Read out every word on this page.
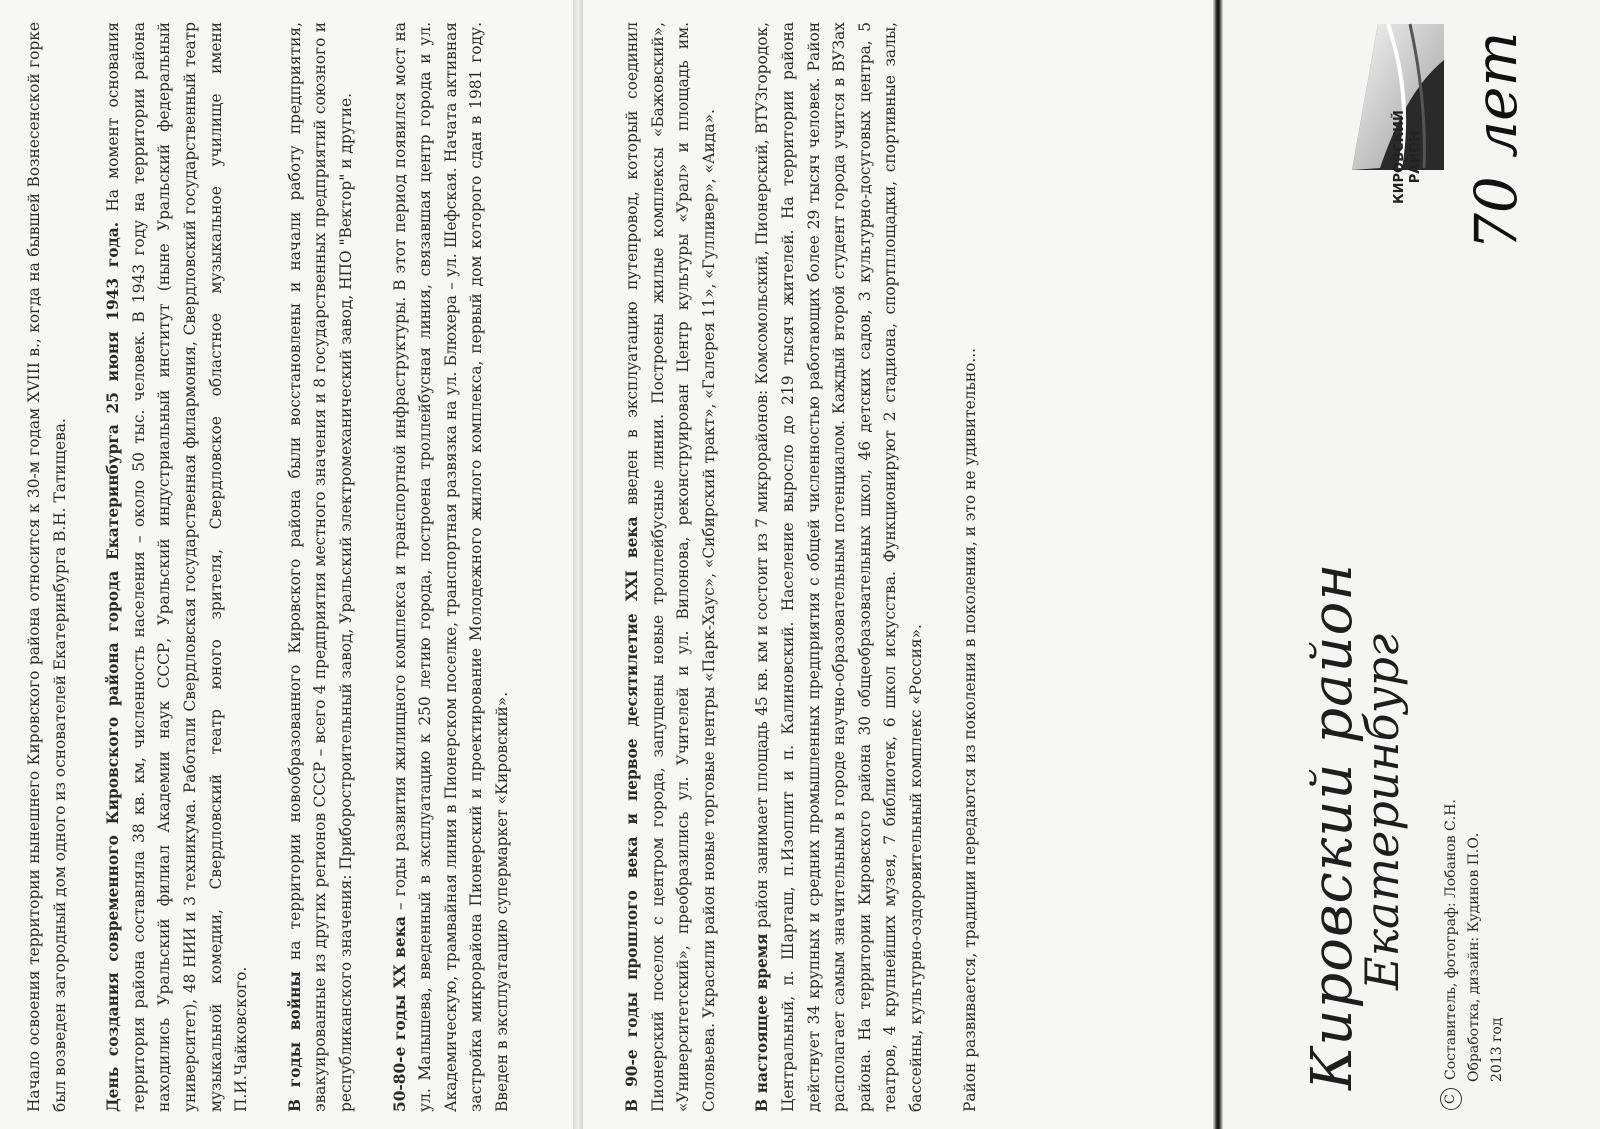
Начало освоения территории нынешнего Кировского района относится к 30-м годам XVIII в., когда на бывшей Вознесенской горке был возведен загородный дом одного из основателей Екатеринбурга В.Н. Татищева. День создания современного Кировского района города Екатеринбурга 25 июня 1943 года. На момент основания территория района составляла 38 кв. км, численность населения – около 50 тыс. человек. В 1943 году на территории района находились Уральский филиал Академии наук СССР, Уральский индустриальный институт (ныне Уральский федеральный университет), 48 НИИ и 3 техникума. Работали Свердловская государственная филармония, Свердловский государственный театр музыкальной комедии, Свердловский театр юного зрителя, Свердловское областное музыкальное училище имени П.И.Чайковского. В годы войны на территории новообразованного Кировского района были восстановлены и начали работу предприятия, эвакуированные из других регионов СССР – всего 4 предприятия местного значения и 8 государственных предприятий союзного и республиканского значения: Приборостроительный завод, Уральский электромеханический завод, НПО "Вектор" и другие. 50-80-е годы XX века – годы развития жилищного комплекса и транспортной инфраструктуры. В этот период появился мост на ул. Малышева, введенный в эксплуатацию к 250 летию города, построена троллейбусная линия, связавшая центр города и ул. Академическую, трамвайная линия в Пионерском поселке, транспортная развязка на ул. Блюхера – ул. Шефская. Начата активная застройка микрорайона Пионерский и проектирование Молодежного жилого комплекса, первый дом которого сдан в 1981 году. Введен в эксплуатацию супермаркет «Кировский».	В 90-е годы прошлого века и первое десятилетие XXI века введен в эксплуатацию путепровод, который соединил Пионерский поселок с центром города, запущены новые троллейбусные линии. Построены жилые комплексы «Бажовский», «Университетский», преобразились ул. Учителей и ул. Вилонова, реконструирован Центр культуры «Урал» и площадь им. Соловьева. Украсили район новые торговые центры «Парк-Хаус», «Сибирский тракт», «Галерея 11», «Гулливер», «Аида». В настоящее время район занимает площадь 45 кв. км и состоит из 7 микрорайонов: Комсомольский, Пионерский, ВТУЗгородок, Центральный, п. Шарташ, п.Изоплит и п. Калиновский. Население выросло до 219 тысяч жителей. На территории района действует 34 крупных и средних промышленных предприятия с общей численностью работающих более 29 тысяч человек. Район располагает самым значительным в городе научно-образовательным потенциалом. Каждый второй студент города учится в ВУЗах района. На территории Кировского района 30 общеобразовательных школ, 46 детских садов, 3 культурно-досуговых центра, 5 театров, 4 крупнейших музея, 7 библиотек, 6 школ искусства. Функционируют 2 стадиона, спортплощадки, спортивные залы, бассейны, культурно-оздоровительный комплекс «Россия». Район развивается, традиции передаются из поколения в поколения, и это не удивительно...	CСоставитель, фотограф: Лобанов С.Н. Обработка, дизайн: Кудинов П.О. 2013 год
Кировский район
Екатеринбург
70 лет
КИРОВСКИЙ РАЙОН
